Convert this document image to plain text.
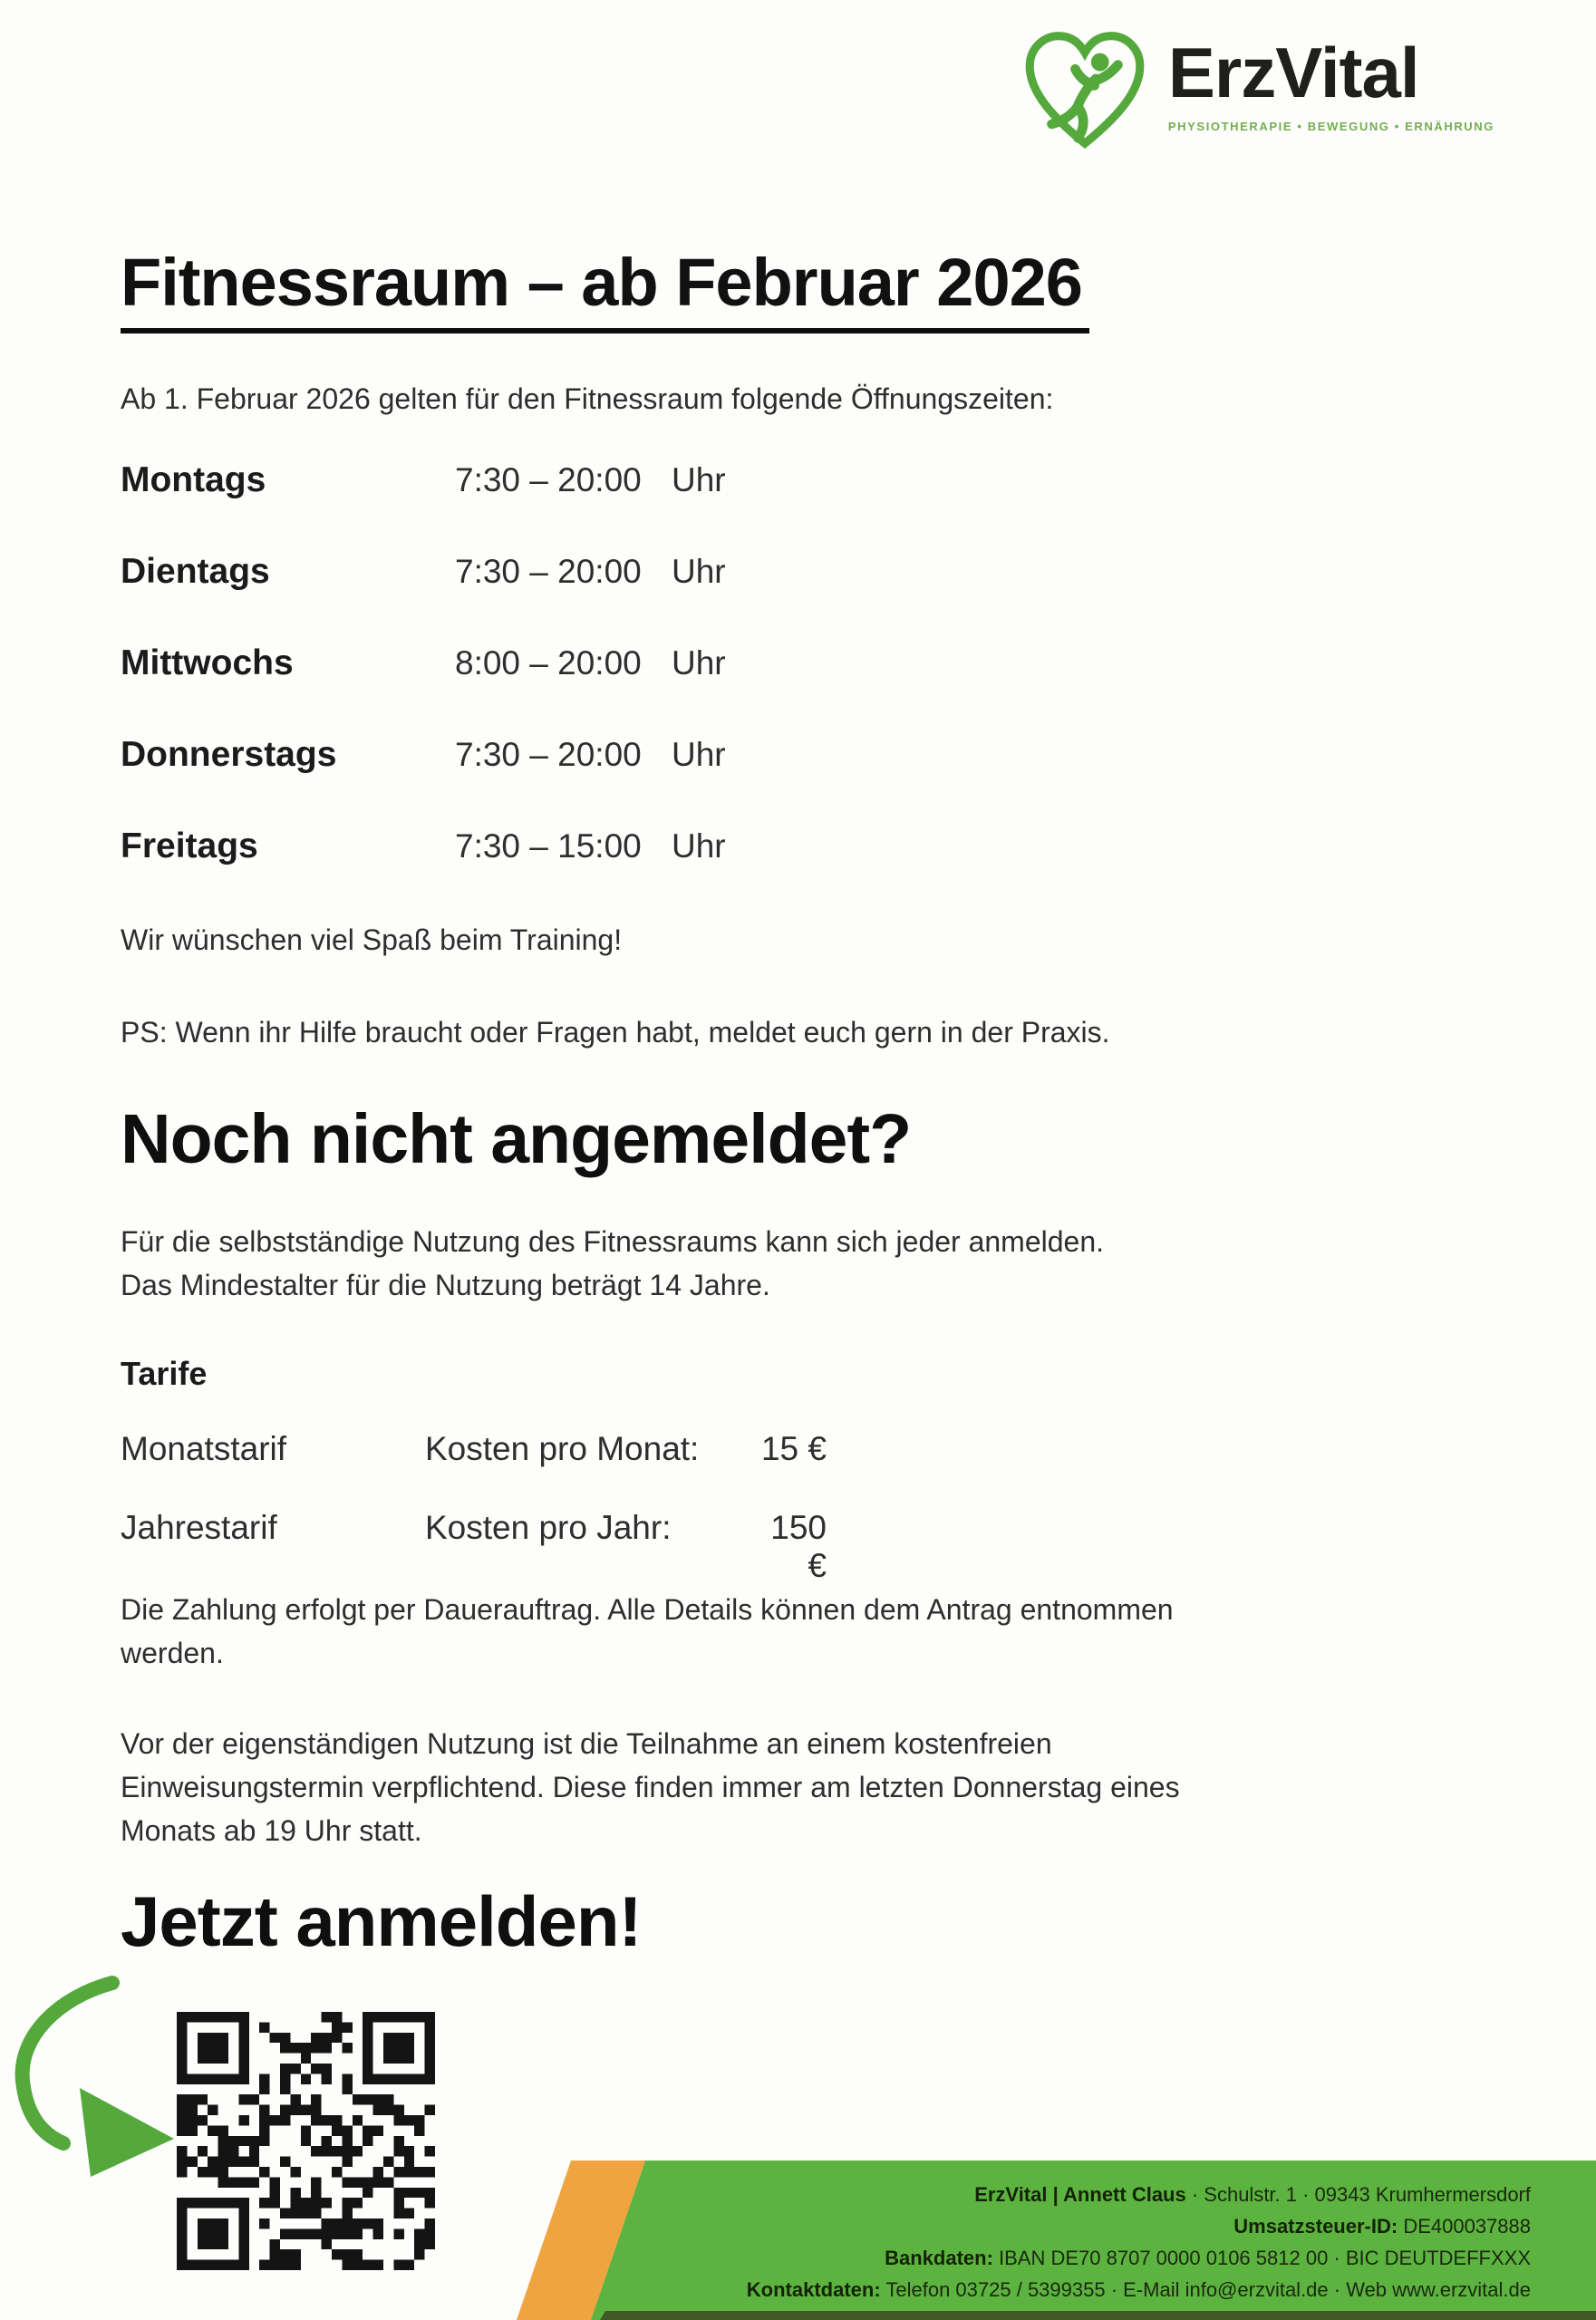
ErzVital
PHYSIOTHERAPIE • BEWEGUNG • ERNÄHRUNG
Fitnessraum – ab Februar 2026
Ab 1. Februar 2026 gelten für den Fitnessraum folgende Öffnungszeiten:
Montags	7:30 – 20:00 Uhr
Dientags	7:30 – 20:00 Uhr
Mittwochs	8:00 – 20:00 Uhr
Donnerstags	7:30 – 20:00 Uhr
Freitags	7:30 – 15:00 Uhr
Wir wünschen viel Spaß beim Training!
PS: Wenn ihr Hilfe braucht oder Fragen habt, meldet euch gern in der Praxis.
Noch nicht angemeldet?
Für die selbstständige Nutzung des Fitnessraums kann sich jeder anmelden.
Das Mindestalter für die Nutzung beträgt 14 Jahre.
Tarife
Monatstarif	Kosten pro Monat:	15 €
Jahrestarif	Kosten pro Jahr:	150 €
Die Zahlung erfolgt per Dauerauftrag. Alle Details können dem Antrag entnommen
werden.
Vor der eigenständigen Nutzung ist die Teilnahme an einem kostenfreien
Einweisungstermin verpflichtend. Diese finden immer am letzten Donnerstag eines
Monats ab 19 Uhr statt.
Jetzt anmelden!
ErzVital | Annett Claus · Schulstr. 1 · 09343 Krumhermersdorf
Umsatzsteuer-ID: DE400037888
Bankdaten: IBAN DE70 8707 0000 0106 5812 00 · BIC DEUTDEFFXXX
Kontaktdaten: Telefon 03725 / 5399355 · E-Mail info@erzvital.de · Web www.erzvital.de
